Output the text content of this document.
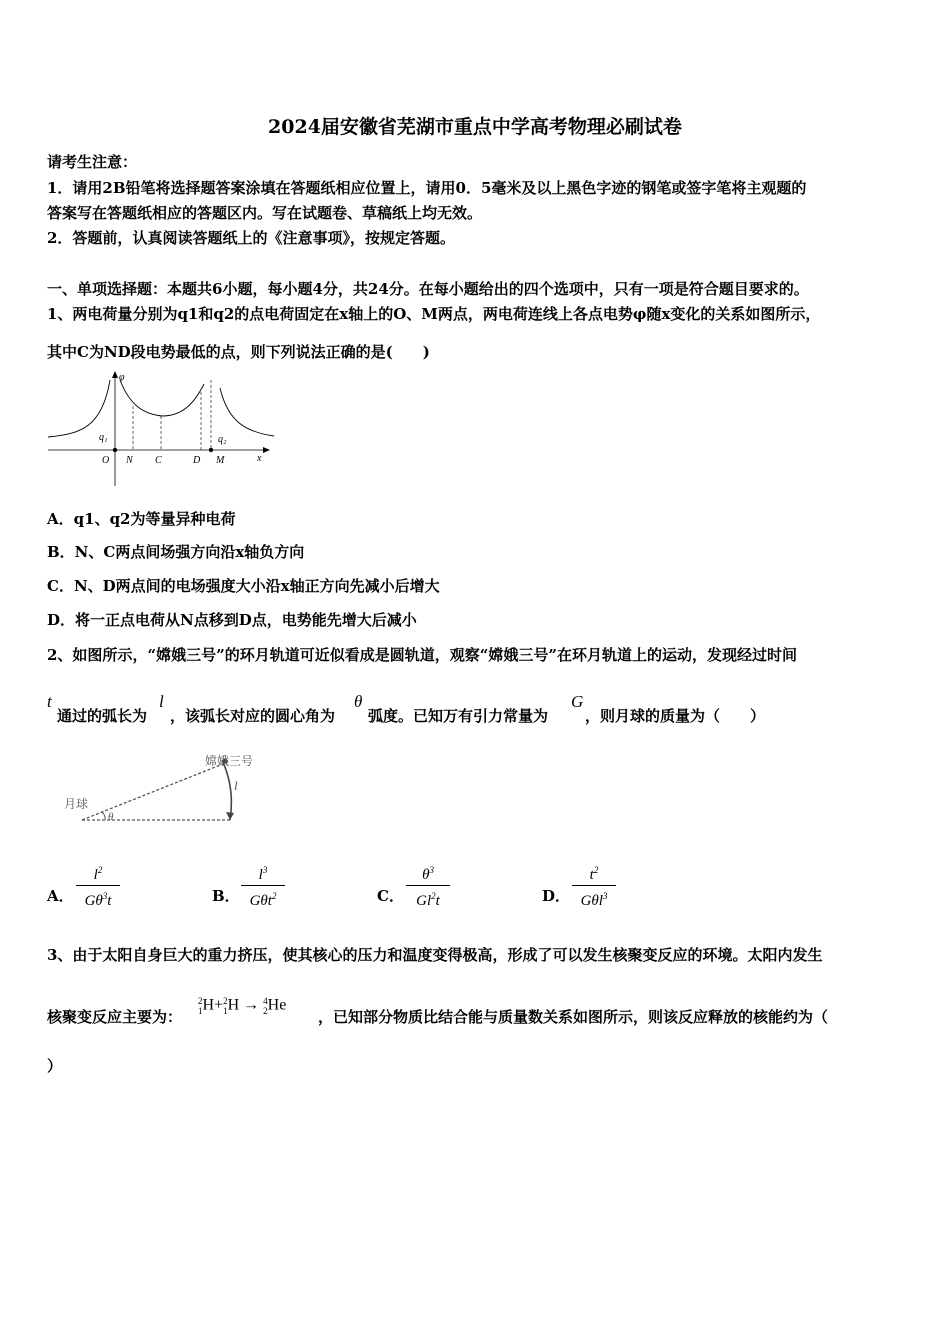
2024届安徽省芜湖市重点中学高考物理必刷试卷
请考生注意：
1．请用2B铅笔将选择题答案涂填在答题纸相应位置上，请用0．5毫米及以上黑色字迹的钢笔或签字笔将主观题的
答案写在答题纸相应的答题区内。写在试题卷、草稿纸上均无效。
2．答题前，认真阅读答题纸上的《注意事项》，按规定答题。
一、单项选择题：本题共6小题，每小题4分，共24分。在每小题给出的四个选项中，只有一项是符合题目要求的。
1、两电荷量分别为q1和q2的点电荷固定在x轴上的O、M两点，两电荷连线上各点电势φ随x变化的关系如图所示，
其中C为ND段电势最低的点，则下列说法正确的是(　　)
φ
q₁	q₂
O N C	D M	x
A．q1、q2为等量异种电荷
B．N、C两点间场强方向沿x轴负方向
C．N、D两点间的电场强度大小沿x轴正方向先减小后增大
D．将一正点电荷从N点移到D点，电势能先增大后减小
2、如图所示，“嫦娥三号”的环月轨道可近似看成是圆轨道，观察“嫦娥三号”在环月轨道上的运动，发现经过时间
t
通过的弧长为
l
，该弧长对应的圆心角为
θ
弧度。已知万有引力常量为
G
，则月球的质量为（　　）
嫦娥三号
月球
l
θ
A．
$l^2$
$G\theta^3t$	B．
$l^3$
Gθt$^2$	C．
$\theta^3$
Gl$^2$t	D．
$t^2$
Gθl$^3$
3、由于太阳自身巨大的重力挤压，使其核心的压力和温度变得极高，形成了可以发生核聚变反应的环境。太阳内发生
核聚变反应主要为：
2
1H+2
1H → 4
2He
，已知部分物质比结合能与质量数关系如图所示，则该反应释放的核能约为（
）
